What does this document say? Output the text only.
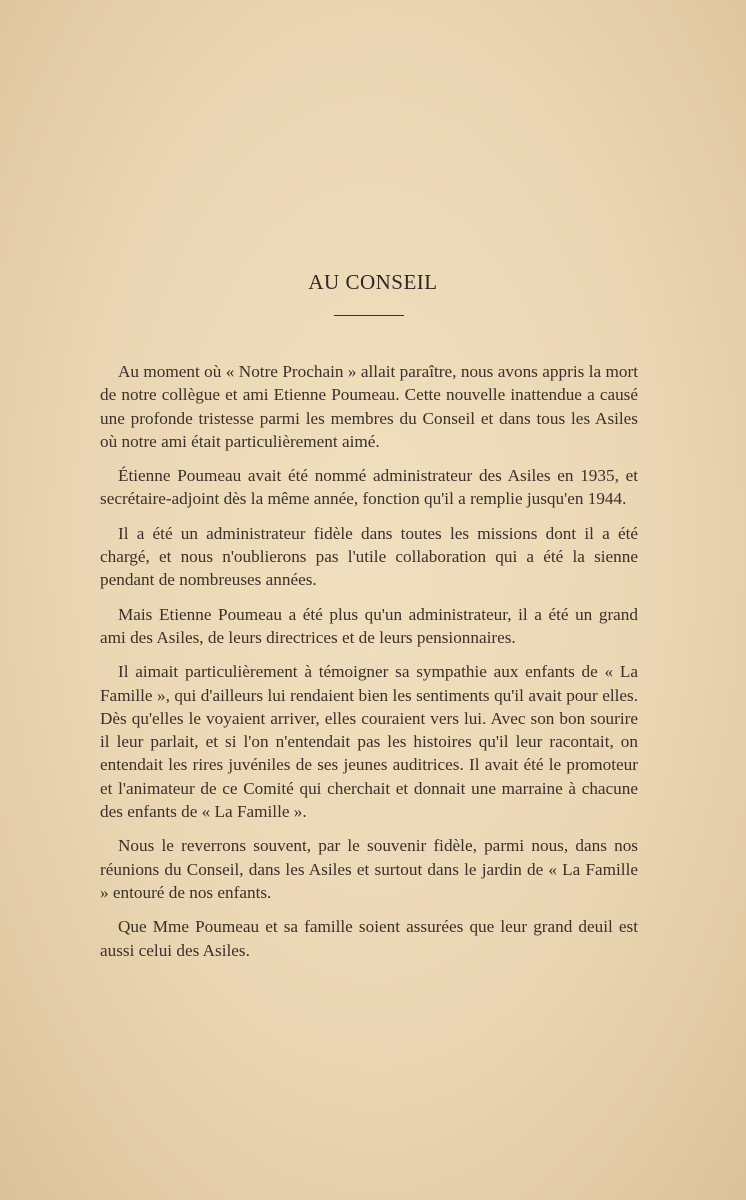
AU CONSEIL

Au moment où « Notre Prochain » allait paraître, nous avons appris la mort de notre collègue et ami Etienne Poumeau. Cette nouvelle inattendue a causé une profonde tristesse parmi les membres du Conseil et dans tous les Asiles où notre ami était particulièrement aimé.

Étienne Poumeau avait été nommé administrateur des Asiles en 1935, et secrétaire-adjoint dès la même année, fonction qu'il a remplie jusqu'en 1944.

Il a été un administrateur fidèle dans toutes les missions dont il a été chargé, et nous n'oublierons pas l'utile collaboration qui a été la sienne pendant de nombreuses années.

Mais Etienne Poumeau a été plus qu'un administrateur, il a été un grand ami des Asiles, de leurs directrices et de leurs pensionnaires.

Il aimait particulièrement à témoigner sa sympathie aux enfants de « La Famille », qui d'ailleurs lui rendaient bien les sentiments qu'il avait pour elles. Dès qu'elles le voyaient arriver, elles couraient vers lui. Avec son bon sourire il leur parlait, et si l'on n'entendait pas les histoires qu'il leur racontait, on entendait les rires juvéniles de ses jeunes auditrices. Il avait été le promoteur et l'animateur de ce Comité qui cherchait et donnait une marraine à chacune des enfants de « La Famille ».

Nous le reverrons souvent, par le souvenir fidèle, parmi nous, dans nos réunions du Conseil, dans les Asiles et surtout dans le jardin de « La Famille » entouré de nos enfants.

Que Mme Poumeau et sa famille soient assurées que leur grand deuil est aussi celui des Asiles.
